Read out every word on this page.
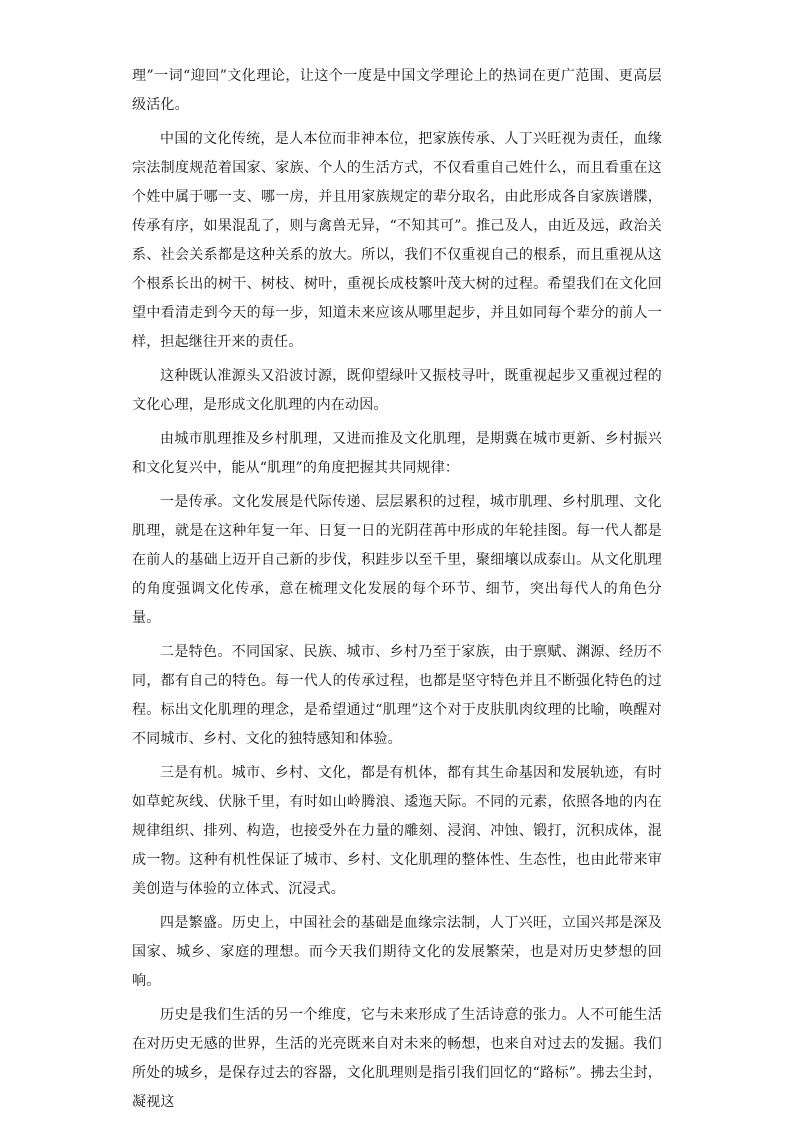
理”一词“迎回”文化理论，让这个一度是中国文学理论上的热词在更广范围、更高层级活化。

中国的文化传统，是人本位而非神本位，把家族传承、人丁兴旺视为责任，血缘宗法制度规范着国家、家族、个人的生活方式，不仅看重自己姓什么，而且看重在这个姓中属于哪一支、哪一房，并且用家族规定的辈分取名，由此形成各自家族谱牒，传承有序，如果混乱了，则与禽兽无异，“不知其可”。推己及人，由近及远，政治关系、社会关系都是这种关系的放大。所以，我们不仅重视自己的根系，而且重视从这个根系长出的树干、树枝、树叶，重视长成枝繁叶茂大树的过程。希望我们在文化回望中看清走到今天的每一步，知道未来应该从哪里起步，并且如同每个辈分的前人一样，担起继往开来的责任。

这种既认准源头又沿波讨源，既仰望绿叶又振枝寻叶，既重视起步又重视过程的文化心理，是形成文化肌理的内在动因。

由城市肌理推及乡村肌理，又进而推及文化肌理，是期冀在城市更新、乡村振兴和文化复兴中，能从“肌理”的角度把握其共同规律：

一是传承。文化发展是代际传递、层层累积的过程，城市肌理、乡村肌理、文化肌理，就是在这种年复一年、日复一日的光阴荏苒中形成的年轮挂图。每一代人都是在前人的基础上迈开自己新的步伐，积跬步以至千里，聚细壤以成泰山。从文化肌理的角度强调文化传承，意在梳理文化发展的每个环节、细节，突出每代人的角色分量。

二是特色。不同国家、民族、城市、乡村乃至于家族，由于禀赋、渊源、经历不同，都有自己的特色。每一代人的传承过程，也都是坚守特色并且不断强化特色的过程。标出文化肌理的理念，是希望通过“肌理”这个对于皮肤肌肉纹理的比喻，唤醒对不同城市、乡村、文化的独特感知和体验。

三是有机。城市、乡村、文化，都是有机体，都有其生命基因和发展轨迹，有时如草蛇灰线、伏脉千里，有时如山岭腾浪、逶迤天际。不同的元素，依照各地的内在规律组织、排列、构造，也接受外在力量的雕刻、浸润、冲蚀、锻打，沉积成体，混成一物。这种有机性保证了城市、乡村、文化肌理的整体性、生态性，也由此带来审美创造与体验的立体式、沉浸式。

四是繁盛。历史上，中国社会的基础是血缘宗法制，人丁兴旺，立国兴邦是深及国家、城乡、家庭的理想。而今天我们期待文化的发展繁荣，也是对历史梦想的回响。

历史是我们生活的另一个维度，它与未来形成了生活诗意的张力。人不可能生活在对历史无感的世界，生活的光亮既来自对未来的畅想，也来自对过去的发掘。我们所处的城乡，是保存过去的容器，文化肌理则是指引我们回忆的“路标”。拂去尘封，凝视这
